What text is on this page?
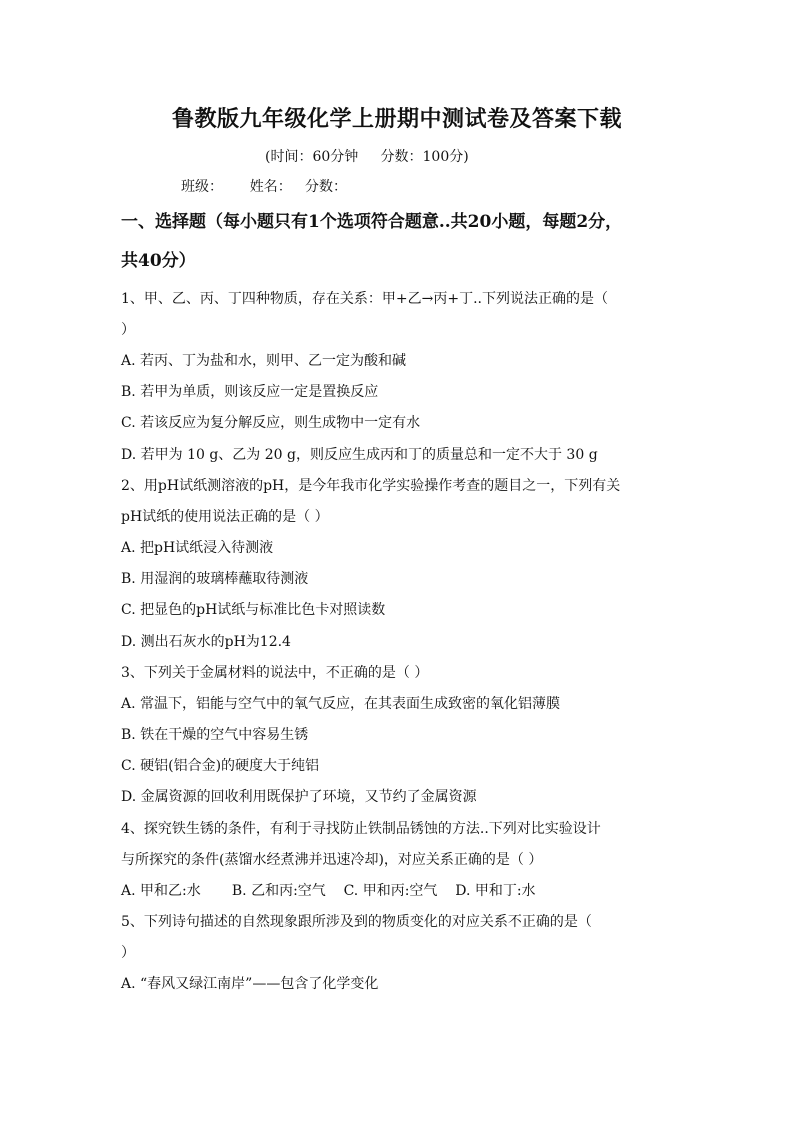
鲁教版九年级化学上册期中测试卷及答案下载
(时间：60分钟     分数：100分)
班级：      姓名：   分数：
一、选择题（每小题只有1个选项符合题意..共20小题，每题2分，
共40分）
1、甲、乙、丙、丁四种物质，存在关系：甲+乙→丙+丁..下列说法正确的是（
）
A. 若丙、丁为盐和水，则甲、乙一定为酸和碱
B. 若甲为单质，则该反应一定是置换反应
C. 若该反应为复分解反应，则生成物中一定有水
D. 若甲为 10 g、乙为 20 g，则反应生成丙和丁的质量总和一定不大于 30 g
2、用pH试纸测溶液的pH，是今年我市化学实验操作考查的题目之一，下列有关
pH试纸的使用说法正确的是（ ）
A. 把pH试纸浸入待测液
B. 用湿润的玻璃棒蘸取待测液
C. 把显色的pH试纸与标准比色卡对照读数
D. 测出石灰水的pH为12.4
3、下列关于金属材料的说法中，不正确的是（ ）
A. 常温下，铝能与空气中的氧气反应，在其表面生成致密的氧化铝薄膜
B. 铁在干燥的空气中容易生锈
C. 硬铝(铝合金)的硬度大于纯铝
D. 金属资源的回收利用既保护了环境，又节约了金属资源
4、探究铁生锈的条件，有利于寻找防止铁制品锈蚀的方法..下列对比实验设计
与所探究的条件(蒸馏水经煮沸并迅速冷却)，对应关系正确的是（ ）
A. 甲和乙:水       B. 乙和丙:空气    C. 甲和丙:空气    D. 甲和丁:水
5、下列诗句描述的自然现象跟所涉及到的物质变化的对应关系不正确的是（
）
A. “春风又绿江南岸”——包含了化学变化
